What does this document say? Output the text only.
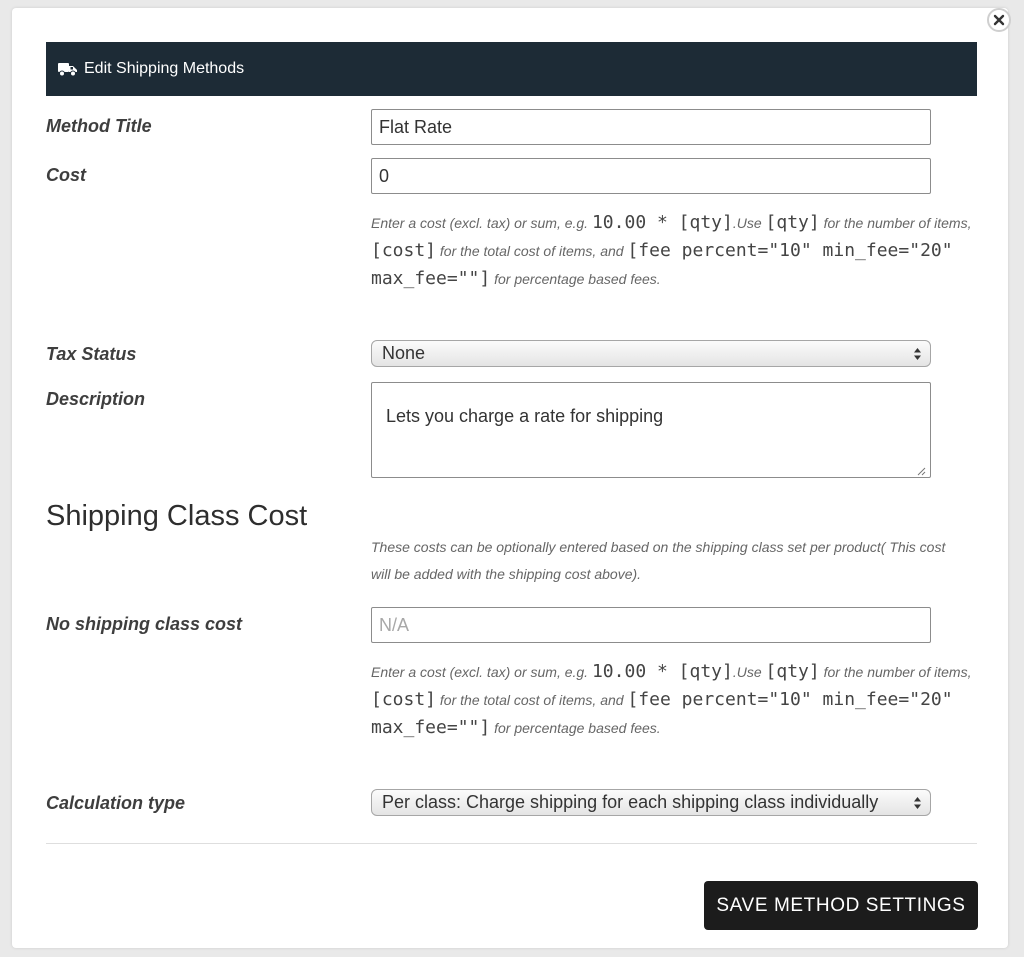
Edit Shipping Methods
Method Title
Flat Rate
Cost
0
Enter a cost (excl. tax) or sum, e.g. 10.00 * [qty].Use [qty] for the number of items,
[cost] for the total cost of items, and [fee percent="10" min_fee="20" max_fee=""] for percentage based fees.
Tax Status	None
Description
Lets you charge a rate for shipping
Shipping Class Cost
These costs can be optionally entered based on the shipping class set per product( This cost will be added with the shipping cost above).
No shipping class cost
N/A
Enter a cost (excl. tax) or sum, e.g. 10.00 * [qty].Use [qty] for the number of items,
[cost] for the total cost of items, and [fee percent="10" min_fee="20" max_fee=""] for percentage based fees.
Calculation type	Per class: Charge shipping for each shipping class individually
SAVE METHOD SETTINGS
